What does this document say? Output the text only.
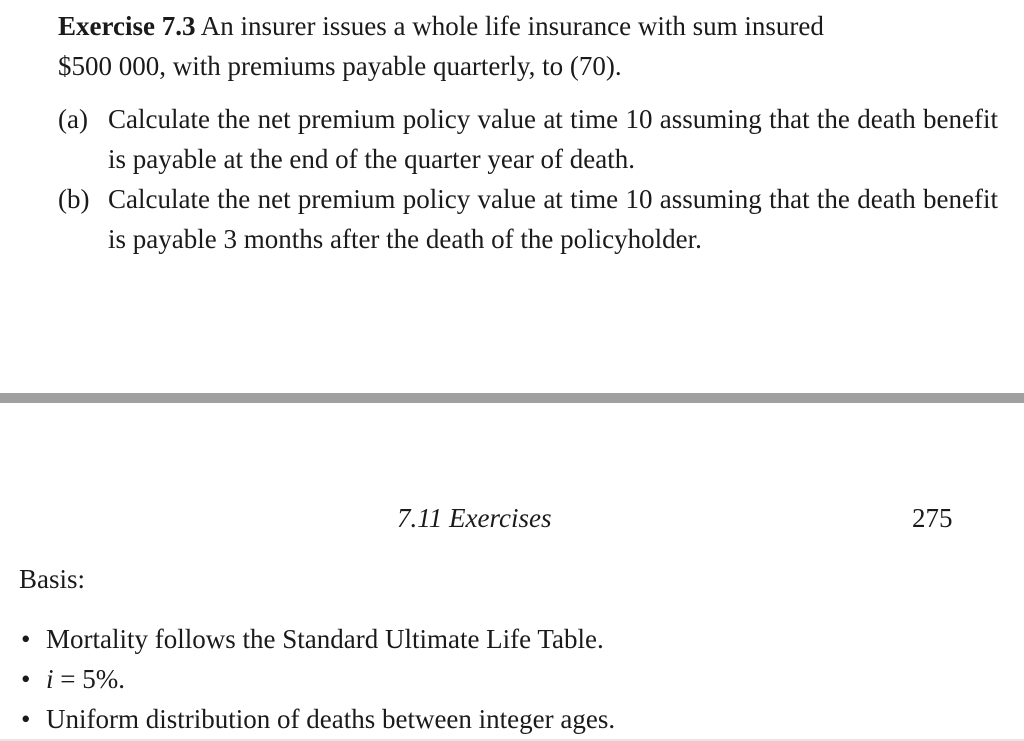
Exercise 7.3 An insurer issues a whole life insurance with sum insured
$500 000, with premiums payable quarterly, to (70).
(a) Calculate the net premium policy value at time 10 assuming that the death benefit is payable at the end of the quarter year of death.
(b) Calculate the net premium policy value at time 10 assuming that the death benefit is payable 3 months after the death of the policyholder.
7.11 Exercises	275
Basis:
• Mortality follows the Standard Ultimate Life Table.
• i = 5%.
• Uniform distribution of deaths between integer ages.
